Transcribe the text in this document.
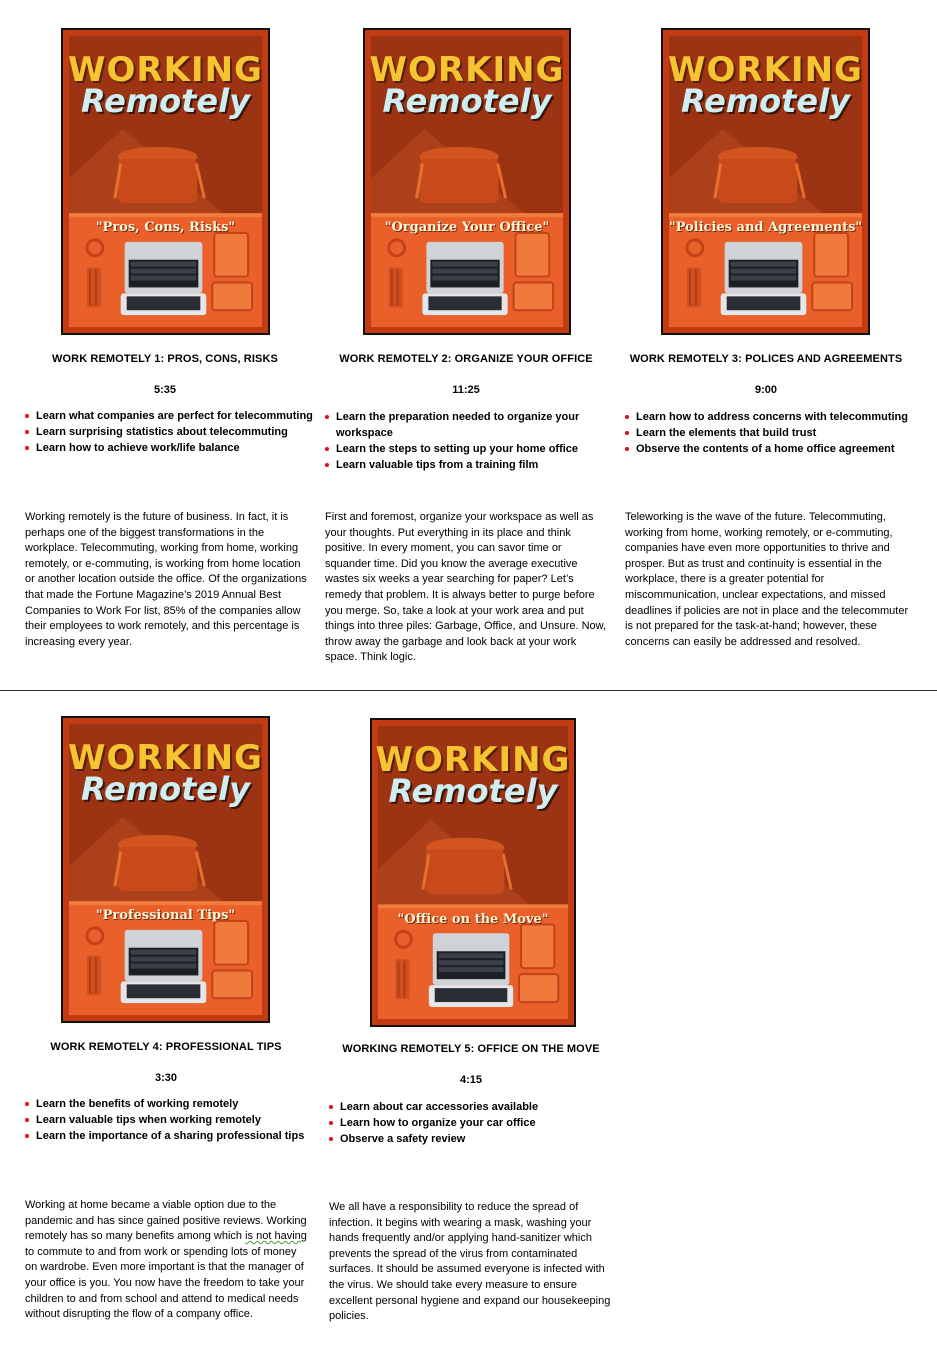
WORKING
Remotely
"Pros, Cons, Risks"
WORK REMOTELY 1: PROS, CONS, RISKS
5:35
Learn what companies are perfect for telecommuting
Learn surprising statistics about telecommuting
Learn how to achieve work/life balance
Working remotely is the future of business. In fact, it is perhaps one of the biggest transformations in the workplace. Telecommuting, working from home, working remotely, or e-commuting, is working from home location or another location outside the office. Of the organizations that made the Fortune Magazine’s 2019 Annual Best Companies to Work For list, 85% of the companies allow their employees to work remotely, and this percentage is increasing every year.
WORKING
Remotely
"Organize Your Office"
WORK REMOTELY 2: ORGANIZE YOUR OFFICE
11:25
Learn the preparation needed to organize your workspace
Learn the steps to setting up your home office
Learn valuable tips from a training film
First and foremost, organize your workspace as well as your thoughts. Put everything in its place and think positive. In every moment, you can savor time or squander time. Did you know the average executive wastes six weeks a year searching for paper? Let’s remedy that problem. It is always better to purge before you merge. So, take a look at your work area and put things into three piles: Garbage, Office, and Unsure. Now, throw away the garbage and look back at your work space. Think logic.
WORKING
Remotely
"Policies and Agreements"
WORK REMOTELY 3: POLICES AND AGREEMENTS
9:00
Learn how to address concerns with telecommuting
Learn the elements that build trust
Observe the contents of a home office agreement
Teleworking is the wave of the future. Telecommuting, working from home, working remotely, or e-commuting, companies have even more opportunities to thrive and prosper. But as trust and continuity is essential in the workplace, there is a greater potential for miscommunication, unclear expectations, and missed deadlines if policies are not in place and the telecommuter is not prepared for the task-at-hand; however, these concerns can easily be addressed and resolved.
WORKING
Remotely
"Professional Tips"
WORK REMOTELY 4: PROFESSIONAL TIPS
3:30
Learn the benefits of working remotely
Learn valuable tips when working remotely
Learn the importance of a sharing professional tips
Working at home became a viable option due to the pandemic and has since gained positive reviews. Working remotely has so many benefits among which is not having to commute to and from work or spending lots of money on wardrobe. Even more important is that the manager of your office is you. You now have the freedom to take your children to and from school and attend to medical needs without disrupting the flow of a company office.
WORKING
Remotely
"Office on the Move"
WORKING REMOTELY 5: OFFICE ON THE MOVE
4:15
Learn about car accessories available
Learn how to organize your car office
Observe a safety review
We all have a responsibility to reduce the spread of infection. It begins with wearing a mask, washing your hands frequently and/or applying hand-sanitizer which prevents the spread of the virus from contaminated surfaces. It should be assumed everyone is infected with the virus. We should take every measure to ensure excellent personal hygiene and expand our housekeeping policies.
